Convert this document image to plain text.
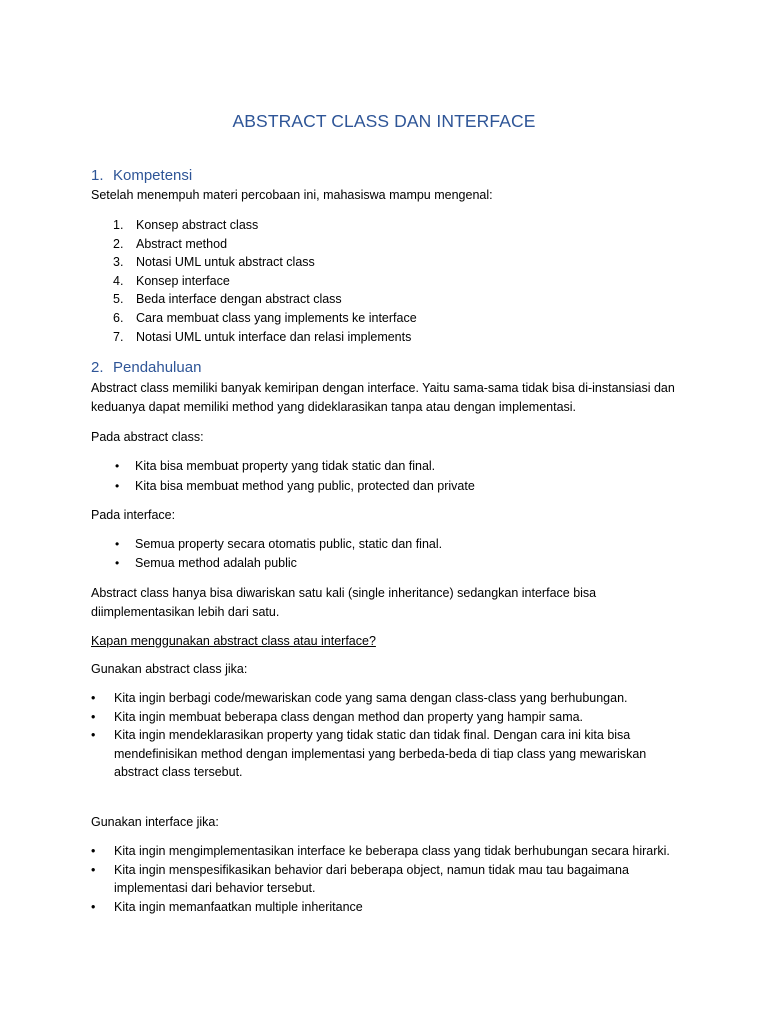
ABSTRACT CLASS DAN INTERFACE
1. Kompetensi
Setelah menempuh materi percobaan ini, mahasiswa mampu mengenal:
1. Konsep abstract class
2. Abstract method
3. Notasi UML untuk abstract class
4. Konsep interface
5. Beda interface dengan abstract class
6. Cara membuat class yang implements ke interface
7. Notasi UML untuk interface dan relasi implements
2. Pendahuluan
Abstract class memiliki banyak kemiripan dengan interface. Yaitu sama-sama tidak bisa di-instansiasi dan keduanya dapat memiliki method yang dideklarasikan tanpa atau dengan implementasi.
Pada abstract class:
• Kita bisa membuat property yang tidak static dan final.
• Kita bisa membuat method yang public, protected dan private
Pada interface:
• Semua property secara otomatis public, static dan final.
• Semua method adalah public
Abstract class hanya bisa diwariskan satu kali (single inheritance) sedangkan interface bisa diimplementasikan lebih dari satu.
Kapan menggunakan abstract class atau interface?
Gunakan abstract class jika:
• Kita ingin berbagi code/mewariskan code yang sama dengan class-class yang berhubungan.
• Kita ingin membuat beberapa class dengan method dan property yang hampir sama.
• Kita ingin mendeklarasikan property yang tidak static dan tidak final. Dengan cara ini kita bisa mendefinisikan method dengan implementasi yang berbeda-beda di tiap class yang mewariskan abstract class tersebut.
Gunakan interface jika:
• Kita ingin mengimplementasikan interface ke beberapa class yang tidak berhubungan secara hirarki.
• Kita ingin menspesifikasikan behavior dari beberapa object, namun tidak mau tau bagaimana implementasi dari behavior tersebut.
• Kita ingin memanfaatkan multiple inheritance
